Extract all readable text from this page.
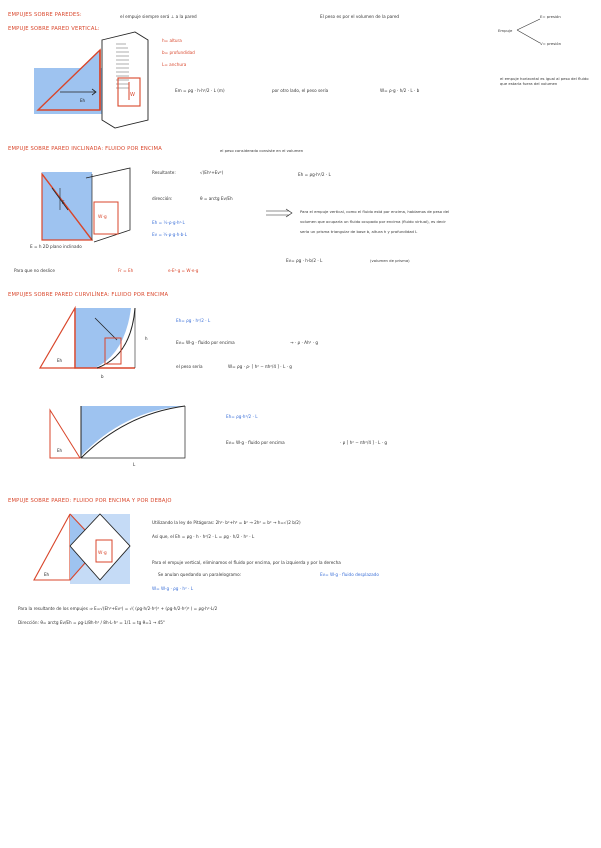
EMPUJES SOBRE PAREDES:	el empuje siempre será ⊥ a la pared	El peso es por el volumen de la pared
EMPUJE SOBRE PARED VERTICAL:	Empuje
E= presión
V= presión
h= altura
b= profundidad
L= anchura
Eh
W
Em = ρg · h·h²/2 · L (m)	por otro lado, el peso sería	W= ρ·g · h/2 · L · b
el empuje horizontal es igual al peso del fluido que estaría fuera del volumen
EMPUJE SOBRE PARED INCLINADA: FLUIDO POR ENCIMA	el peso considerado consiste en el volumen
E
W·g
E = h 2D plano inclinado
Para que no deslice	Fr = Eh	e·E²·g = W·e·g
Resultante:	√(Eh²+Ev²)
dirección:	θ = arctg Ev/Eh
Eh = ½·ρ·g·h²·L
Ev = ½·ρ·g·h·b·L
Eh = ρg·h²/2 · L
Para el empuje vertical, como el fluido está por encima, hablamos de peso del
volumen que ocuparía un fluido ocupado por encima (fluido virtual), es decir
sería un prisma triangular de base b, altura h y profundidad L
Ev= ρg · h·b/2 · L	(volumen de prisma)
EMPUJES SOBRE PARED CURVILÍNEA: FLUIDO POR ENCIMA
Eh
h
b
Eh= ρg · h²/2 · L
Ev= W·g · fluido por encima	→ · ρ · Ah² · g
el peso sería	W= ρg · ρ· [ h² − πh²/4 ] · L · g
Eh
L
Eh= ρg·h²/2 · L
Ev= W·g · fluido por encima	· ρ [ h² − πh²/4 ] · L · g
EMPUJE SOBRE PARED: FLUIDO POR ENCIMA Y POR DEBAJO
Eh
W·g
Utilizando la ley de Pitágoras: 2h²· b²+h² = b² → 2h² = b² → h=√(2 b/2)
Así que, el Eh = ρg · h · h²/2 · L = ρg · h/2 · h² · L
Para el empuje vertical, eliminamos el fluido por encima, por la izquierda y por la derecha
Se anulan quedando un paralelogramo:	Ev= W·g · fluido desplazado
W= W·g · ρg · h² · L
Para la resultante de los empujes ⇒ E=√(Eh²+Ev²) = √( (ρg·h/2·h²)² + (ρg·h/2·h²)² ) = ρg·h²·L/2
Dirección: θ= arctg Ev/Eh = ρg·L/8h·h² / 8h·L·h² = 1/1 = tg θ=1 → 45°
